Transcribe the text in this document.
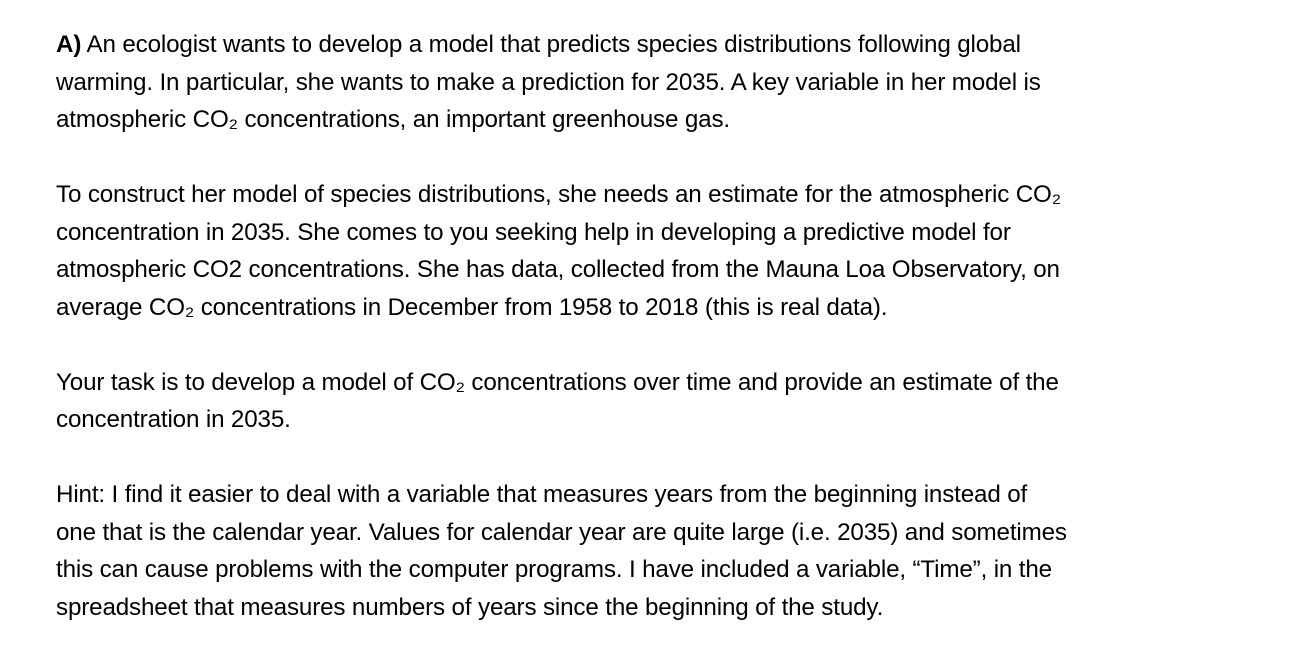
A) An ecologist wants to develop a model that predicts species distributions following global
warming. In particular, she wants to make a prediction for 2035. A key variable in her model is
atmospheric CO₂ concentrations, an important greenhouse gas.

To construct her model of species distributions, she needs an estimate for the atmospheric CO₂
concentration in 2035. She comes to you seeking help in developing a predictive model for
atmospheric CO2 concentrations. She has data, collected from the Mauna Loa Observatory, on
average CO₂ concentrations in December from 1958 to 2018 (this is real data).

Your task is to develop a model of CO₂ concentrations over time and provide an estimate of the
concentration in 2035.

Hint: I find it easier to deal with a variable that measures years from the beginning instead of
one that is the calendar year. Values for calendar year are quite large (i.e. 2035) and sometimes
this can cause problems with the computer programs. I have included a variable, “Time”, in the
spreadsheet that measures numbers of years since the beginning of the study.
